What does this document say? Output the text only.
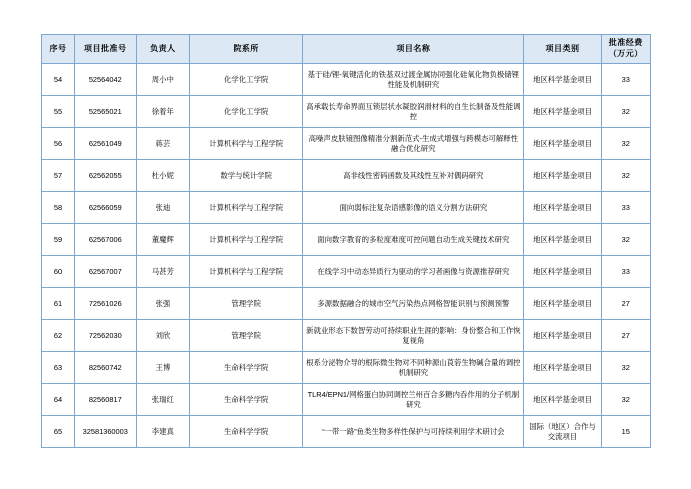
序号	项目批准号	负责人	院系所	项目名称	项目类别	批准经费（万元）
54	52564042	周小中	化学化工学院	基于硅/锂-氧键活化的铁基双过渡金属协同强化硅氧化物负极储锂性能及机制研究	地区科学基金项目	33
55	52565021	徐着年	化学化工学院	高承载长寿命界面互锁层状水凝胶润滑材料的自生长制备及性能调控	地区科学基金项目	32
56	62561049	蒋芸	计算机科学与工程学院	高噪声皮肤镜图像精准分割新范式-生成式增强与跨模态可解释性融合优化研究	地区科学基金项目	32
57	62562055	杜小妮	数学与统计学院	高非线性密码函数及其线性互补对偶码研究	地区科学基金项目	32
58	62566059	张迪	计算机科学与工程学院	面向弱标注复杂语感影像的语义分割方法研究	地区科学基金项目	33
59	62567006	董魔辉	计算机科学与工程学院	面向数字教育的多粒度难度可控问题自动生成关键技术研究	地区科学基金项目	32
60	62567007	马甚芳	计算机科学与工程学院	在线学习中动态异质行为驱动的学习者画像与资源推荐研究	地区科学基金项目	33
61	72561026	张强	管理学院	多源数据融合的城市空气污染热点网格智能识别与预测预警	地区科学基金项目	27
62	72562030	刘欣	管理学院	新就业形态下数智劳动可持续职业生涯的影响：身份整合和工作恢复视角	地区科学基金项目	27
63	82560742	王博	生命科学学院	根系分泌物介导的根际微生物对不同种源山莨菪生物碱合量的调控机制研究	地区科学基金项目	32
64	82560817	张瑞红	生命科学学院	TLR4/EPN1/网格蛋白协同调控兰州百合多糖内吞作用的分子机制研究	地区科学基金项目	32
65	32581360003	李建真	生命科学学院	“一带一路”鱼类生物多样性保护与可持续利用学术研讨会	国际（地区）合作与交流项目	15
